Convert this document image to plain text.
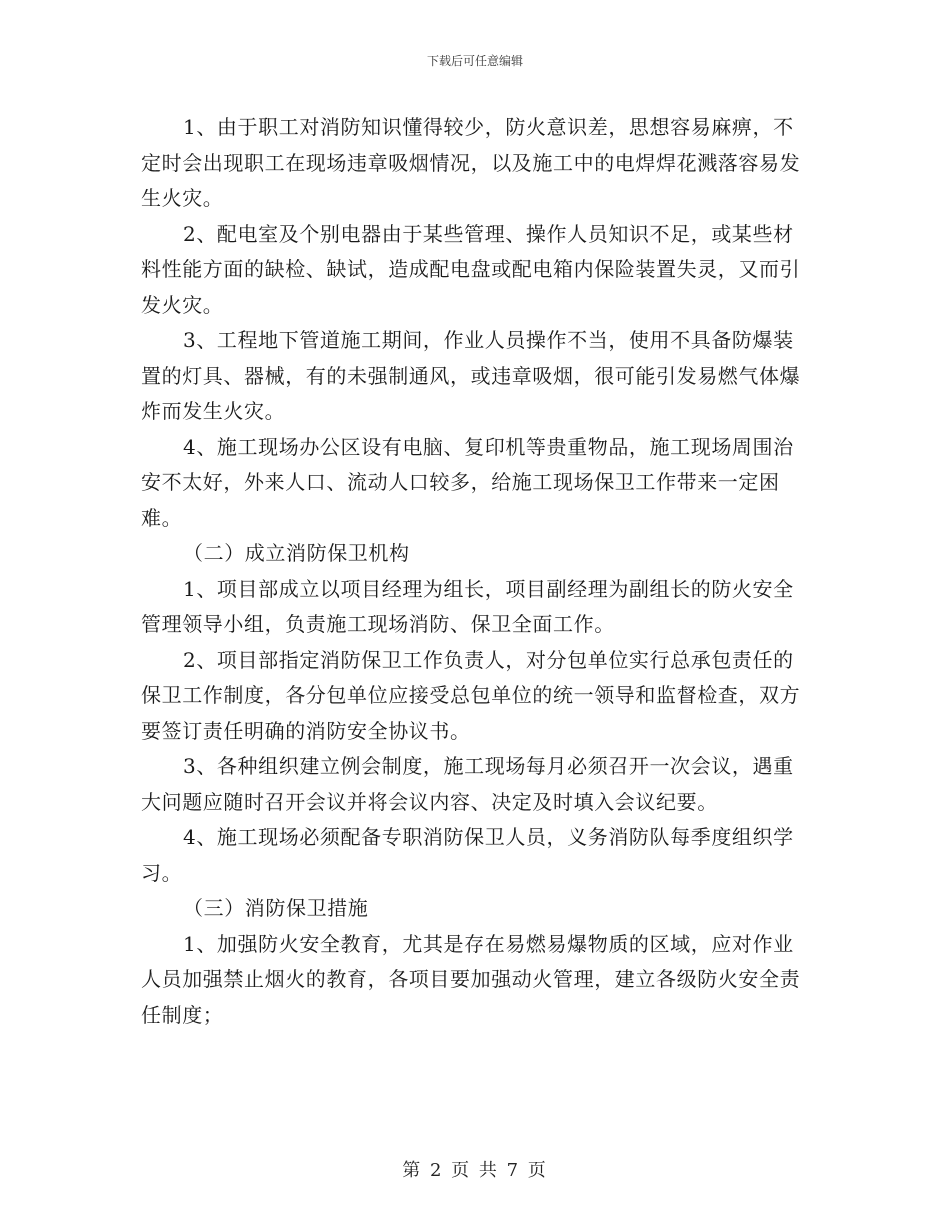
下载后可任意编辑

1、由于职工对消防知识懂得较少，防火意识差，思想容易麻痹，不定时会出现职工在现场违章吸烟情况，以及施工中的电焊焊花溅落容易发生火灾。

2、配电室及个别电器由于某些管理、操作人员知识不足，或某些材料性能方面的缺检、缺试，造成配电盘或配电箱内保险装置失灵，又而引发火灾。

3、工程地下管道施工期间，作业人员操作不当，使用不具备防爆装置的灯具、器械，有的未强制通风，或违章吸烟，很可能引发易燃气体爆炸而发生火灾。

4、施工现场办公区设有电脑、复印机等贵重物品，施工现场周围治安不太好，外来人口、流动人口较多，给施工现场保卫工作带来一定困难。

（二）成立消防保卫机构

1、项目部成立以项目经理为组长，项目副经理为副组长的防火安全管理领导小组，负责施工现场消防、保卫全面工作。

2、项目部指定消防保卫工作负责人，对分包单位实行总承包责任的保卫工作制度，各分包单位应接受总包单位的统一领导和监督检查，双方要签订责任明确的消防安全协议书。

3、各种组织建立例会制度，施工现场每月必须召开一次会议，遇重大问题应随时召开会议并将会议内容、决定及时填入会议纪要。

4、施工现场必须配备专职消防保卫人员，义务消防队每季度组织学习。

（三）消防保卫措施

1、加强防火安全教育，尤其是存在易燃易爆物质的区域，应对作业人员加强禁止烟火的教育，各项目要加强动火管理，建立各级防火安全责任制度；

第 2 页 共 7 页
